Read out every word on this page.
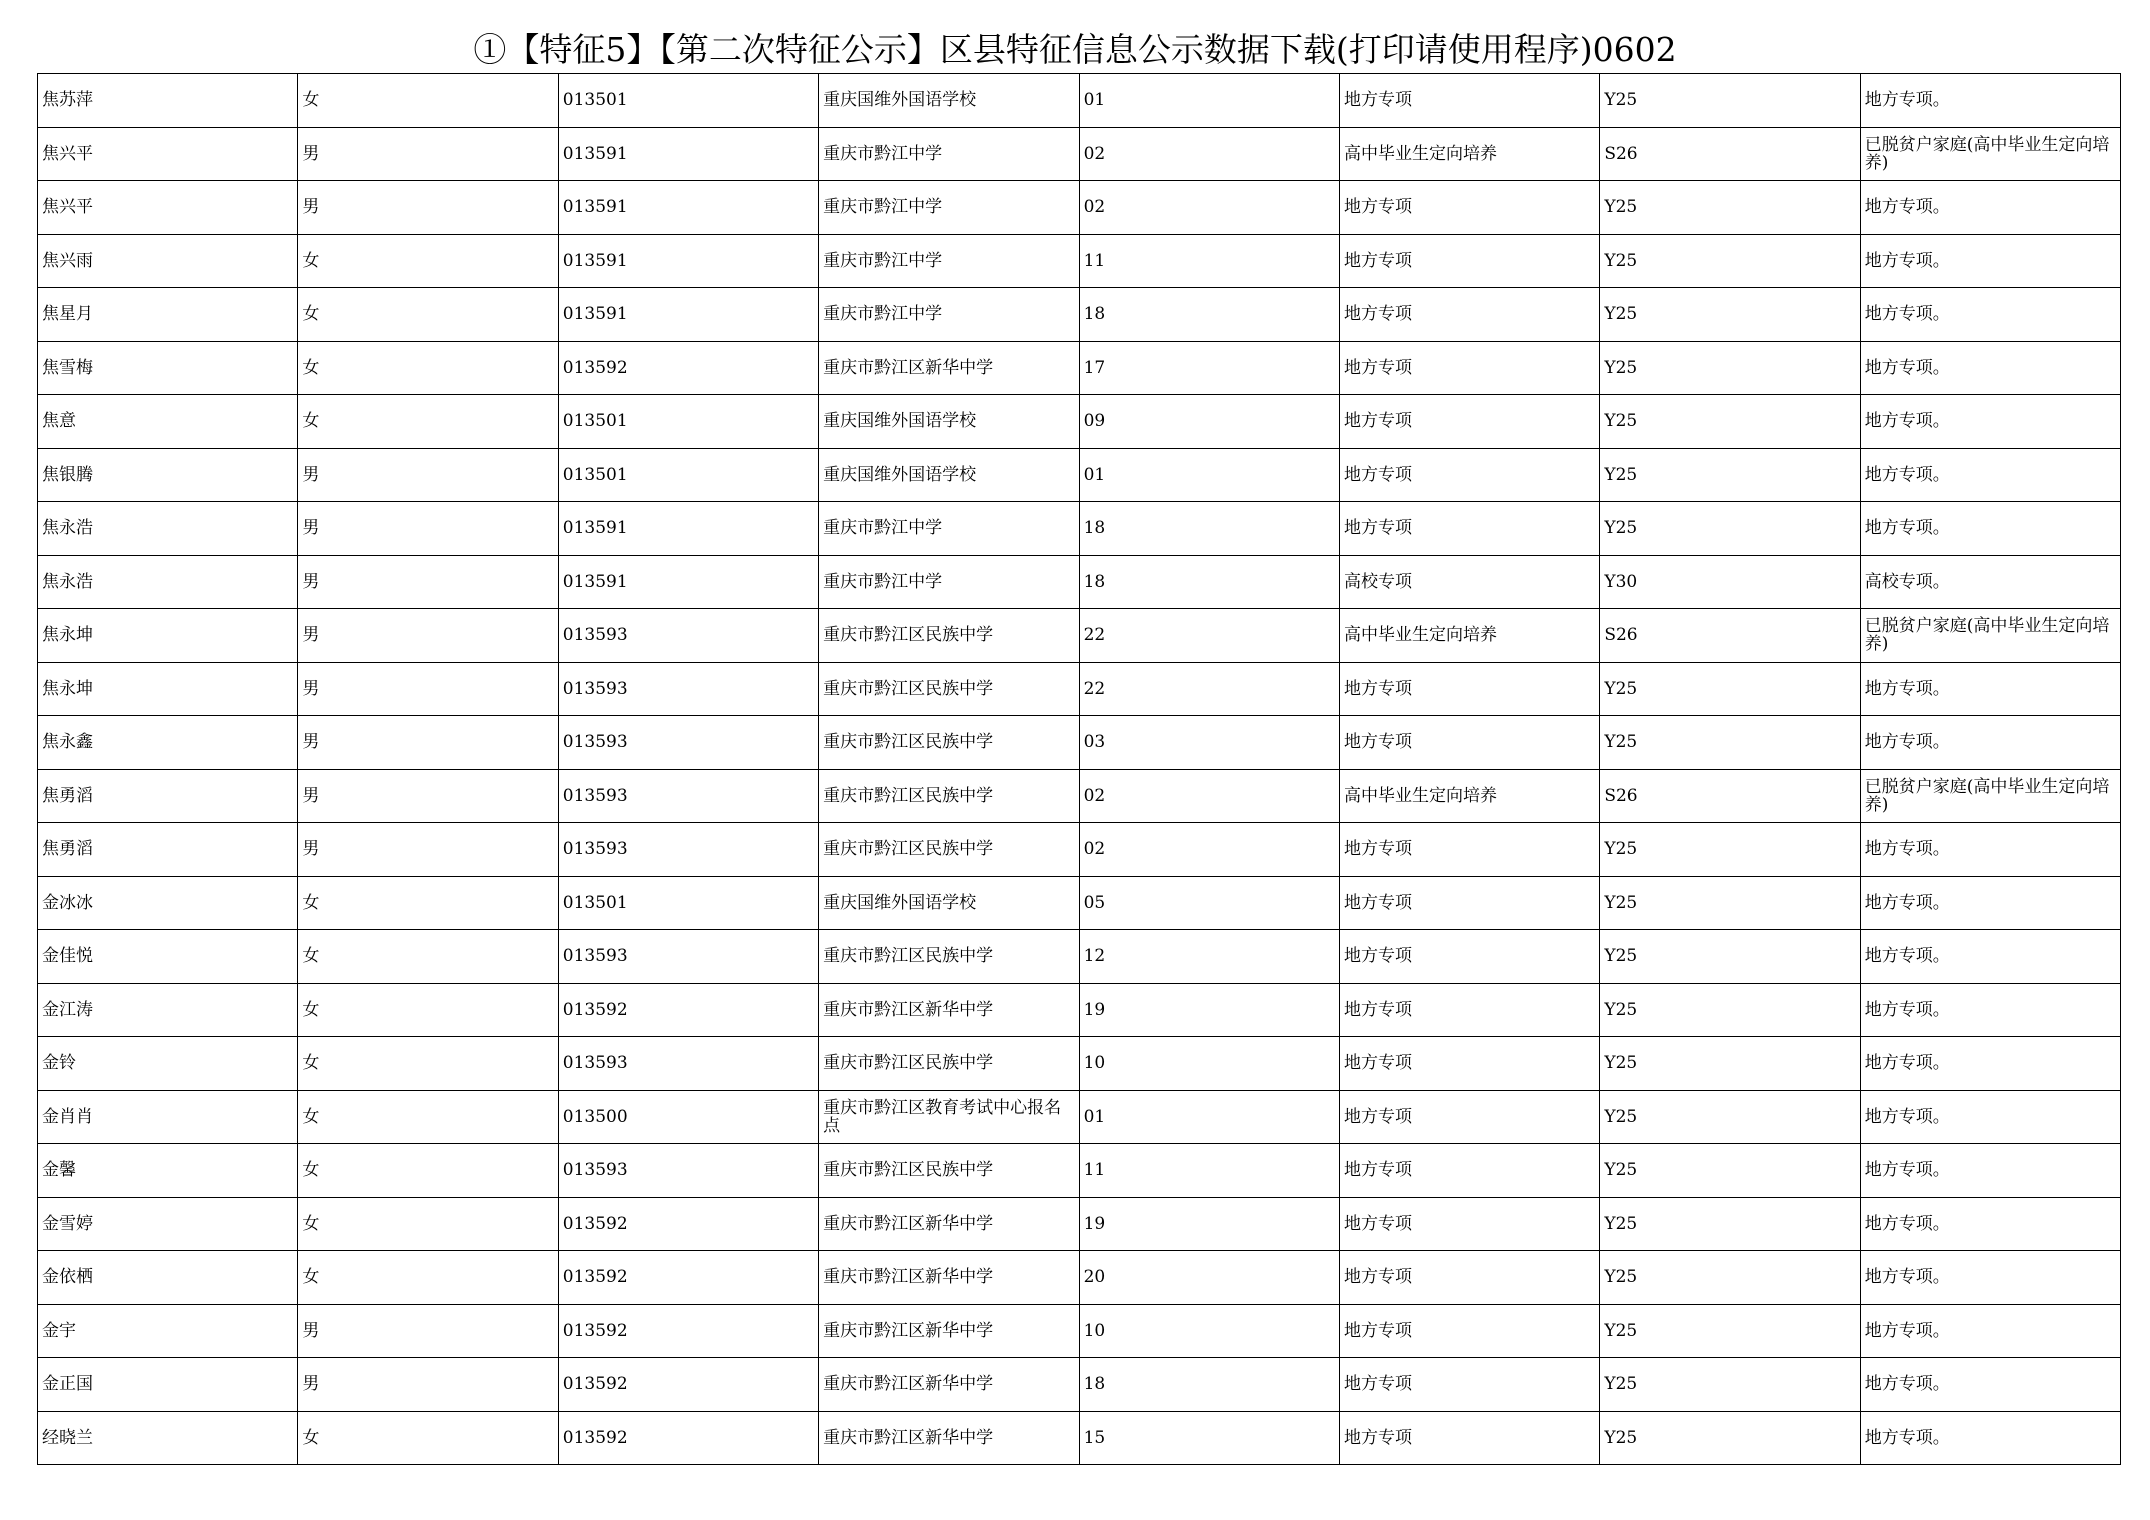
①【特征5】【第二次特征公示】区县特征信息公示数据下载(打印请使用程序)0602
焦苏萍	女	013501	重庆国维外国语学校	01	地方专项	Y25	地方专项。
焦兴平	男	013591	重庆市黔江中学	02	高中毕业生定向培养	S26	已脱贫户家庭(高中毕业生定向培养)
焦兴平	男	013591	重庆市黔江中学	02	地方专项	Y25	地方专项。
焦兴雨	女	013591	重庆市黔江中学	11	地方专项	Y25	地方专项。
焦星月	女	013591	重庆市黔江中学	18	地方专项	Y25	地方专项。
焦雪梅	女	013592	重庆市黔江区新华中学	17	地方专项	Y25	地方专项。
焦意	女	013501	重庆国维外国语学校	09	地方专项	Y25	地方专项。
焦银腾	男	013501	重庆国维外国语学校	01	地方专项	Y25	地方专项。
焦永浩	男	013591	重庆市黔江中学	18	地方专项	Y25	地方专项。
焦永浩	男	013591	重庆市黔江中学	18	高校专项	Y30	高校专项。
焦永坤	男	013593	重庆市黔江区民族中学	22	高中毕业生定向培养	S26	已脱贫户家庭(高中毕业生定向培养)
焦永坤	男	013593	重庆市黔江区民族中学	22	地方专项	Y25	地方专项。
焦永鑫	男	013593	重庆市黔江区民族中学	03	地方专项	Y25	地方专项。
焦勇滔	男	013593	重庆市黔江区民族中学	02	高中毕业生定向培养	S26	已脱贫户家庭(高中毕业生定向培养)
焦勇滔	男	013593	重庆市黔江区民族中学	02	地方专项	Y25	地方专项。
金冰冰	女	013501	重庆国维外国语学校	05	地方专项	Y25	地方专项。
金佳悦	女	013593	重庆市黔江区民族中学	12	地方专项	Y25	地方专项。
金江涛	女	013592	重庆市黔江区新华中学	19	地方专项	Y25	地方专项。
金铃	女	013593	重庆市黔江区民族中学	10	地方专项	Y25	地方专项。
金肖肖	女	013500	重庆市黔江区教育考试中心报名点	01	地方专项	Y25	地方专项。
金馨	女	013593	重庆市黔江区民族中学	11	地方专项	Y25	地方专项。
金雪婷	女	013592	重庆市黔江区新华中学	19	地方专项	Y25	地方专项。
金依栖	女	013592	重庆市黔江区新华中学	20	地方专项	Y25	地方专项。
金宇	男	013592	重庆市黔江区新华中学	10	地方专项	Y25	地方专项。
金正国	男	013592	重庆市黔江区新华中学	18	地方专项	Y25	地方专项。
经晓兰	女	013592	重庆市黔江区新华中学	15	地方专项	Y25	地方专项。
